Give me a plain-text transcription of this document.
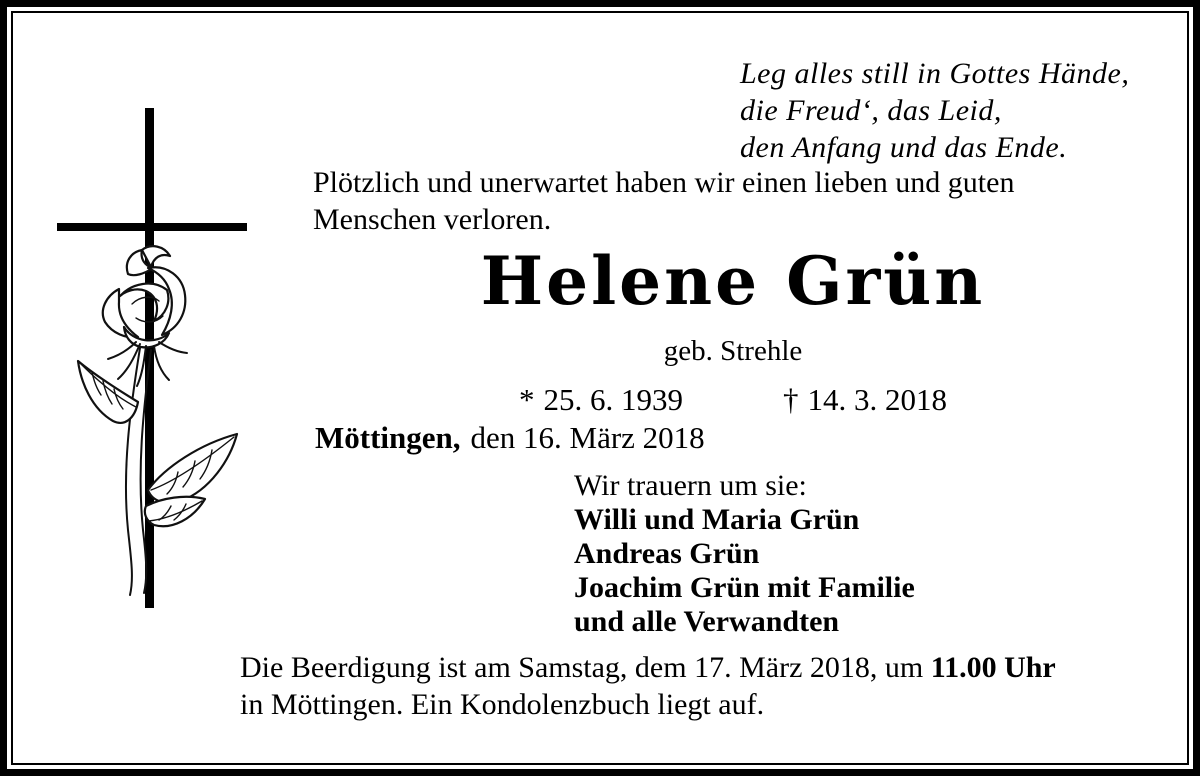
Leg alles still in Gottes Hände,
die Freud‘, das Leid,
den Anfang und das Ende.
Plötzlich und unerwartet haben wir einen lieben und guten
Menschen verloren.
Helene Grün
geb. Strehle
* 25. 6. 1939	† 14. 3. 2018
Möttingen, den 16. März 2018
Wir trauern um sie:
Willi und Maria Grün
Andreas Grün
Joachim Grün mit Familie
und alle Verwandten
Die Beerdigung ist am Samstag, dem 17. März 2018, um 11.00 Uhr
in Möttingen. Ein Kondolenzbuch liegt auf.
